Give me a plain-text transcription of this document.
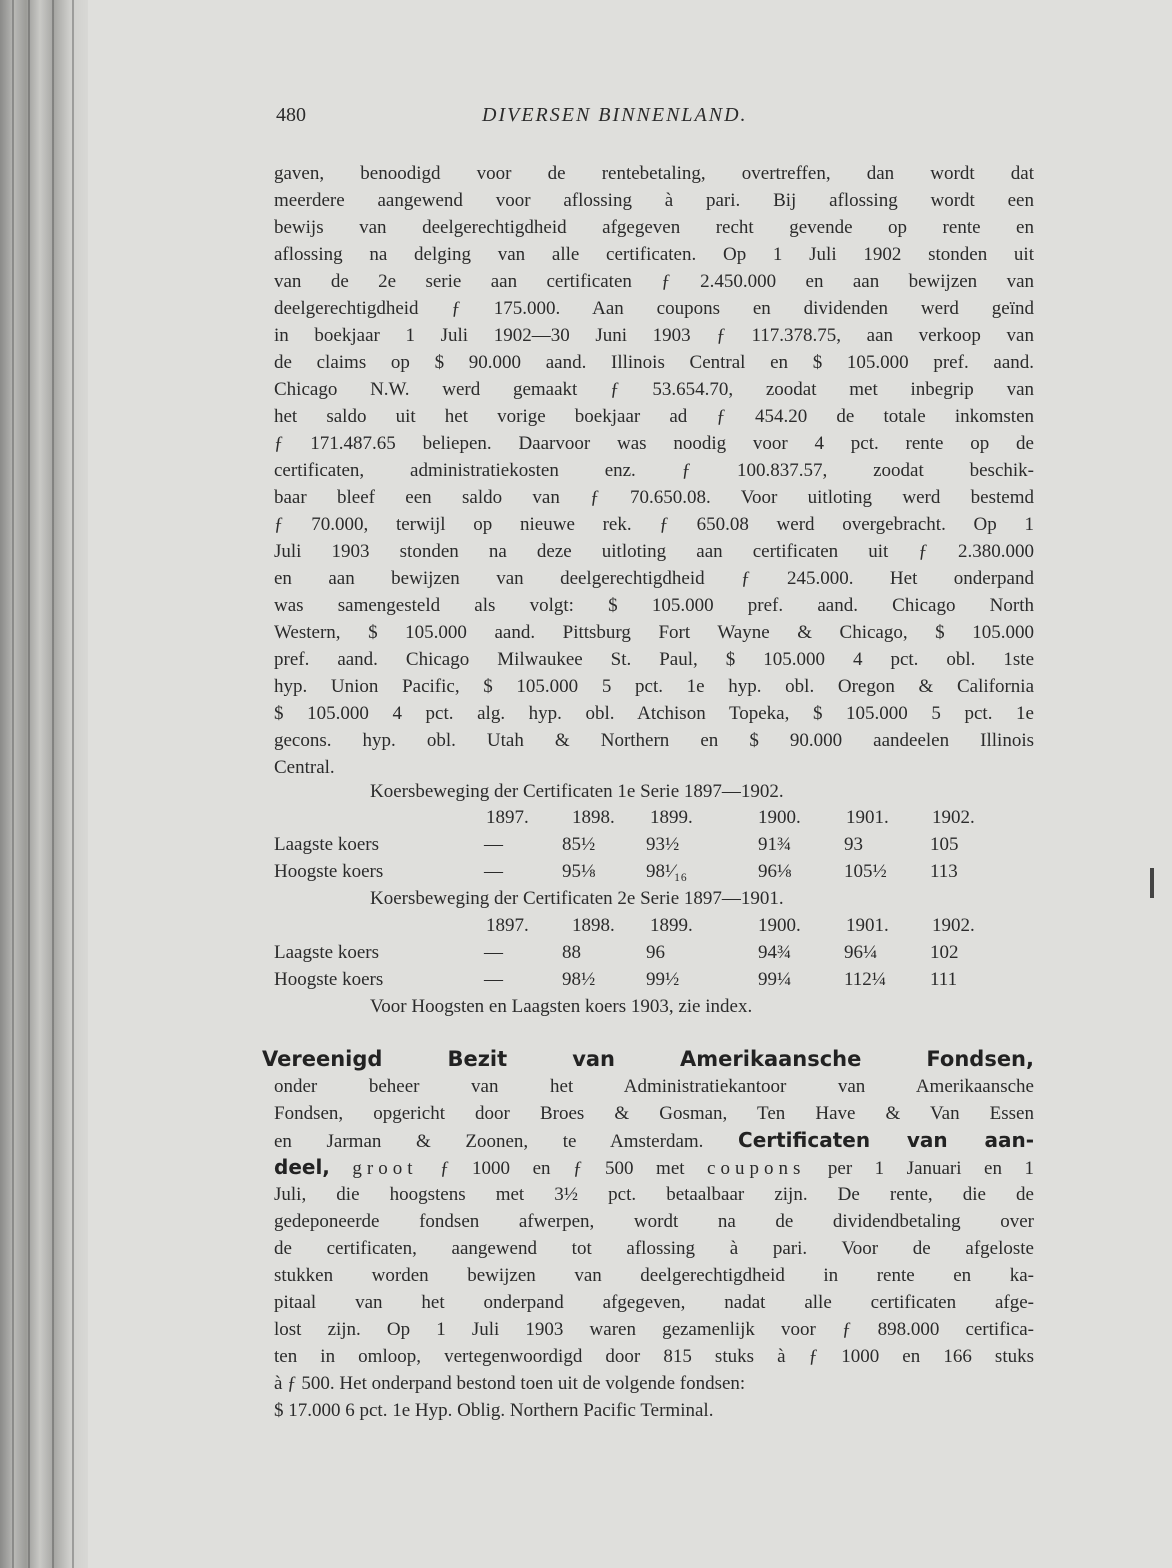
480	DIVERSEN BINNENLAND.
gaven, benoodigd voor de rentebetaling, overtreffen, dan wordt dat
meerdere aangewend voor aflossing à pari. Bij aflossing wordt een
bewijs van deelgerechtigdheid afgegeven recht gevende op rente en
aflossing na delging van alle certificaten. Op 1 Juli 1902 stonden uit
van de 2e serie aan certificaten ƒ 2.450.000 en aan bewijzen van
deelgerechtigdheid ƒ 175.000. Aan coupons en dividenden werd geïnd
in boekjaar 1 Juli 1902—30 Juni 1903 ƒ 117.378.75, aan verkoop van
de claims op $ 90.000 aand. Illinois Central en $ 105.000 pref. aand.
Chicago N.W. werd gemaakt ƒ 53.654.70, zoodat met inbegrip van
het saldo uit het vorige boekjaar ad ƒ 454.20 de totale inkomsten
ƒ 171.487.65 beliepen. Daarvoor was noodig voor 4 pct. rente op de
certificaten, administratiekosten enz. ƒ 100.837.57, zoodat beschik-
baar bleef een saldo van ƒ 70.650.08. Voor uitloting werd bestemd
ƒ 70.000, terwijl op nieuwe rek. ƒ 650.08 werd overgebracht. Op 1
Juli 1903 stonden na deze uitloting aan certificaten uit ƒ 2.380.000
en aan bewijzen van deelgerechtigdheid ƒ 245.000. Het onderpand
was samengesteld als volgt: $ 105.000 pref. aand. Chicago North
Western, $ 105.000 aand. Pittsburg Fort Wayne & Chicago, $ 105.000
pref. aand. Chicago Milwaukee St. Paul, $ 105.000 4 pct. obl. 1ste
hyp. Union Pacific, $ 105.000 5 pct. 1e hyp. obl. Oregon & California
$ 105.000 4 pct. alg. hyp. obl. Atchison Topeka, $ 105.000 5 pct. 1e
gecons. hyp. obl. Utah & Northern en $ 90.000 aandeelen Illinois
Central.
Koersbeweging der Certificaten 1e Serie 1897—1902.
1897. 1898. 1899.	1900. 1901. 1902.
Laagste koers	—	85½	93½	91¾	93	105
Hoogste koers	—	95⅛	98¹⁄₁₆	96⅛	105½ 113
Koersbeweging der Certificaten 2e Serie 1897—1901.
1897. 1898. 1899.	1900. 1901. 1902.
Laagste koers	—	88	96	94¾	96¼	102
Hoogste koers	—	98½	99½	99¼	112¼ 111
Voor Hoogsten en Laagsten koers 1903, zie index.
Vereenigd Bezit van Amerikaansche Fondsen,
onder beheer van het Administratiekantoor van Amerikaansche
Fondsen, opgericht door Broes & Gosman, Ten Have & Van Essen
en Jarman & Zoonen, te Amsterdam. Certificaten van aan-
deel, groot ƒ 1000 en ƒ 500 met coupons per 1 Januari en 1
Juli, die hoogstens met 3½ pct. betaalbaar zijn. De rente, die de
gedeponeerde fondsen afwerpen, wordt na de dividendbetaling over
de certificaten, aangewend tot aflossing à pari. Voor de afgeloste
stukken worden bewijzen van deelgerechtigdheid in rente en ka-
pitaal van het onderpand afgegeven, nadat alle certificaten afge-
lost zijn. Op 1 Juli 1903 waren gezamenlijk voor ƒ 898.000 certifica-
ten in omloop, vertegenwoordigd door 815 stuks à ƒ 1000 en 166 stuks
à ƒ 500. Het onderpand bestond toen uit de volgende fondsen:
$ 17.000 6 pct. 1e Hyp. Oblig. Northern Pacific Terminal.
